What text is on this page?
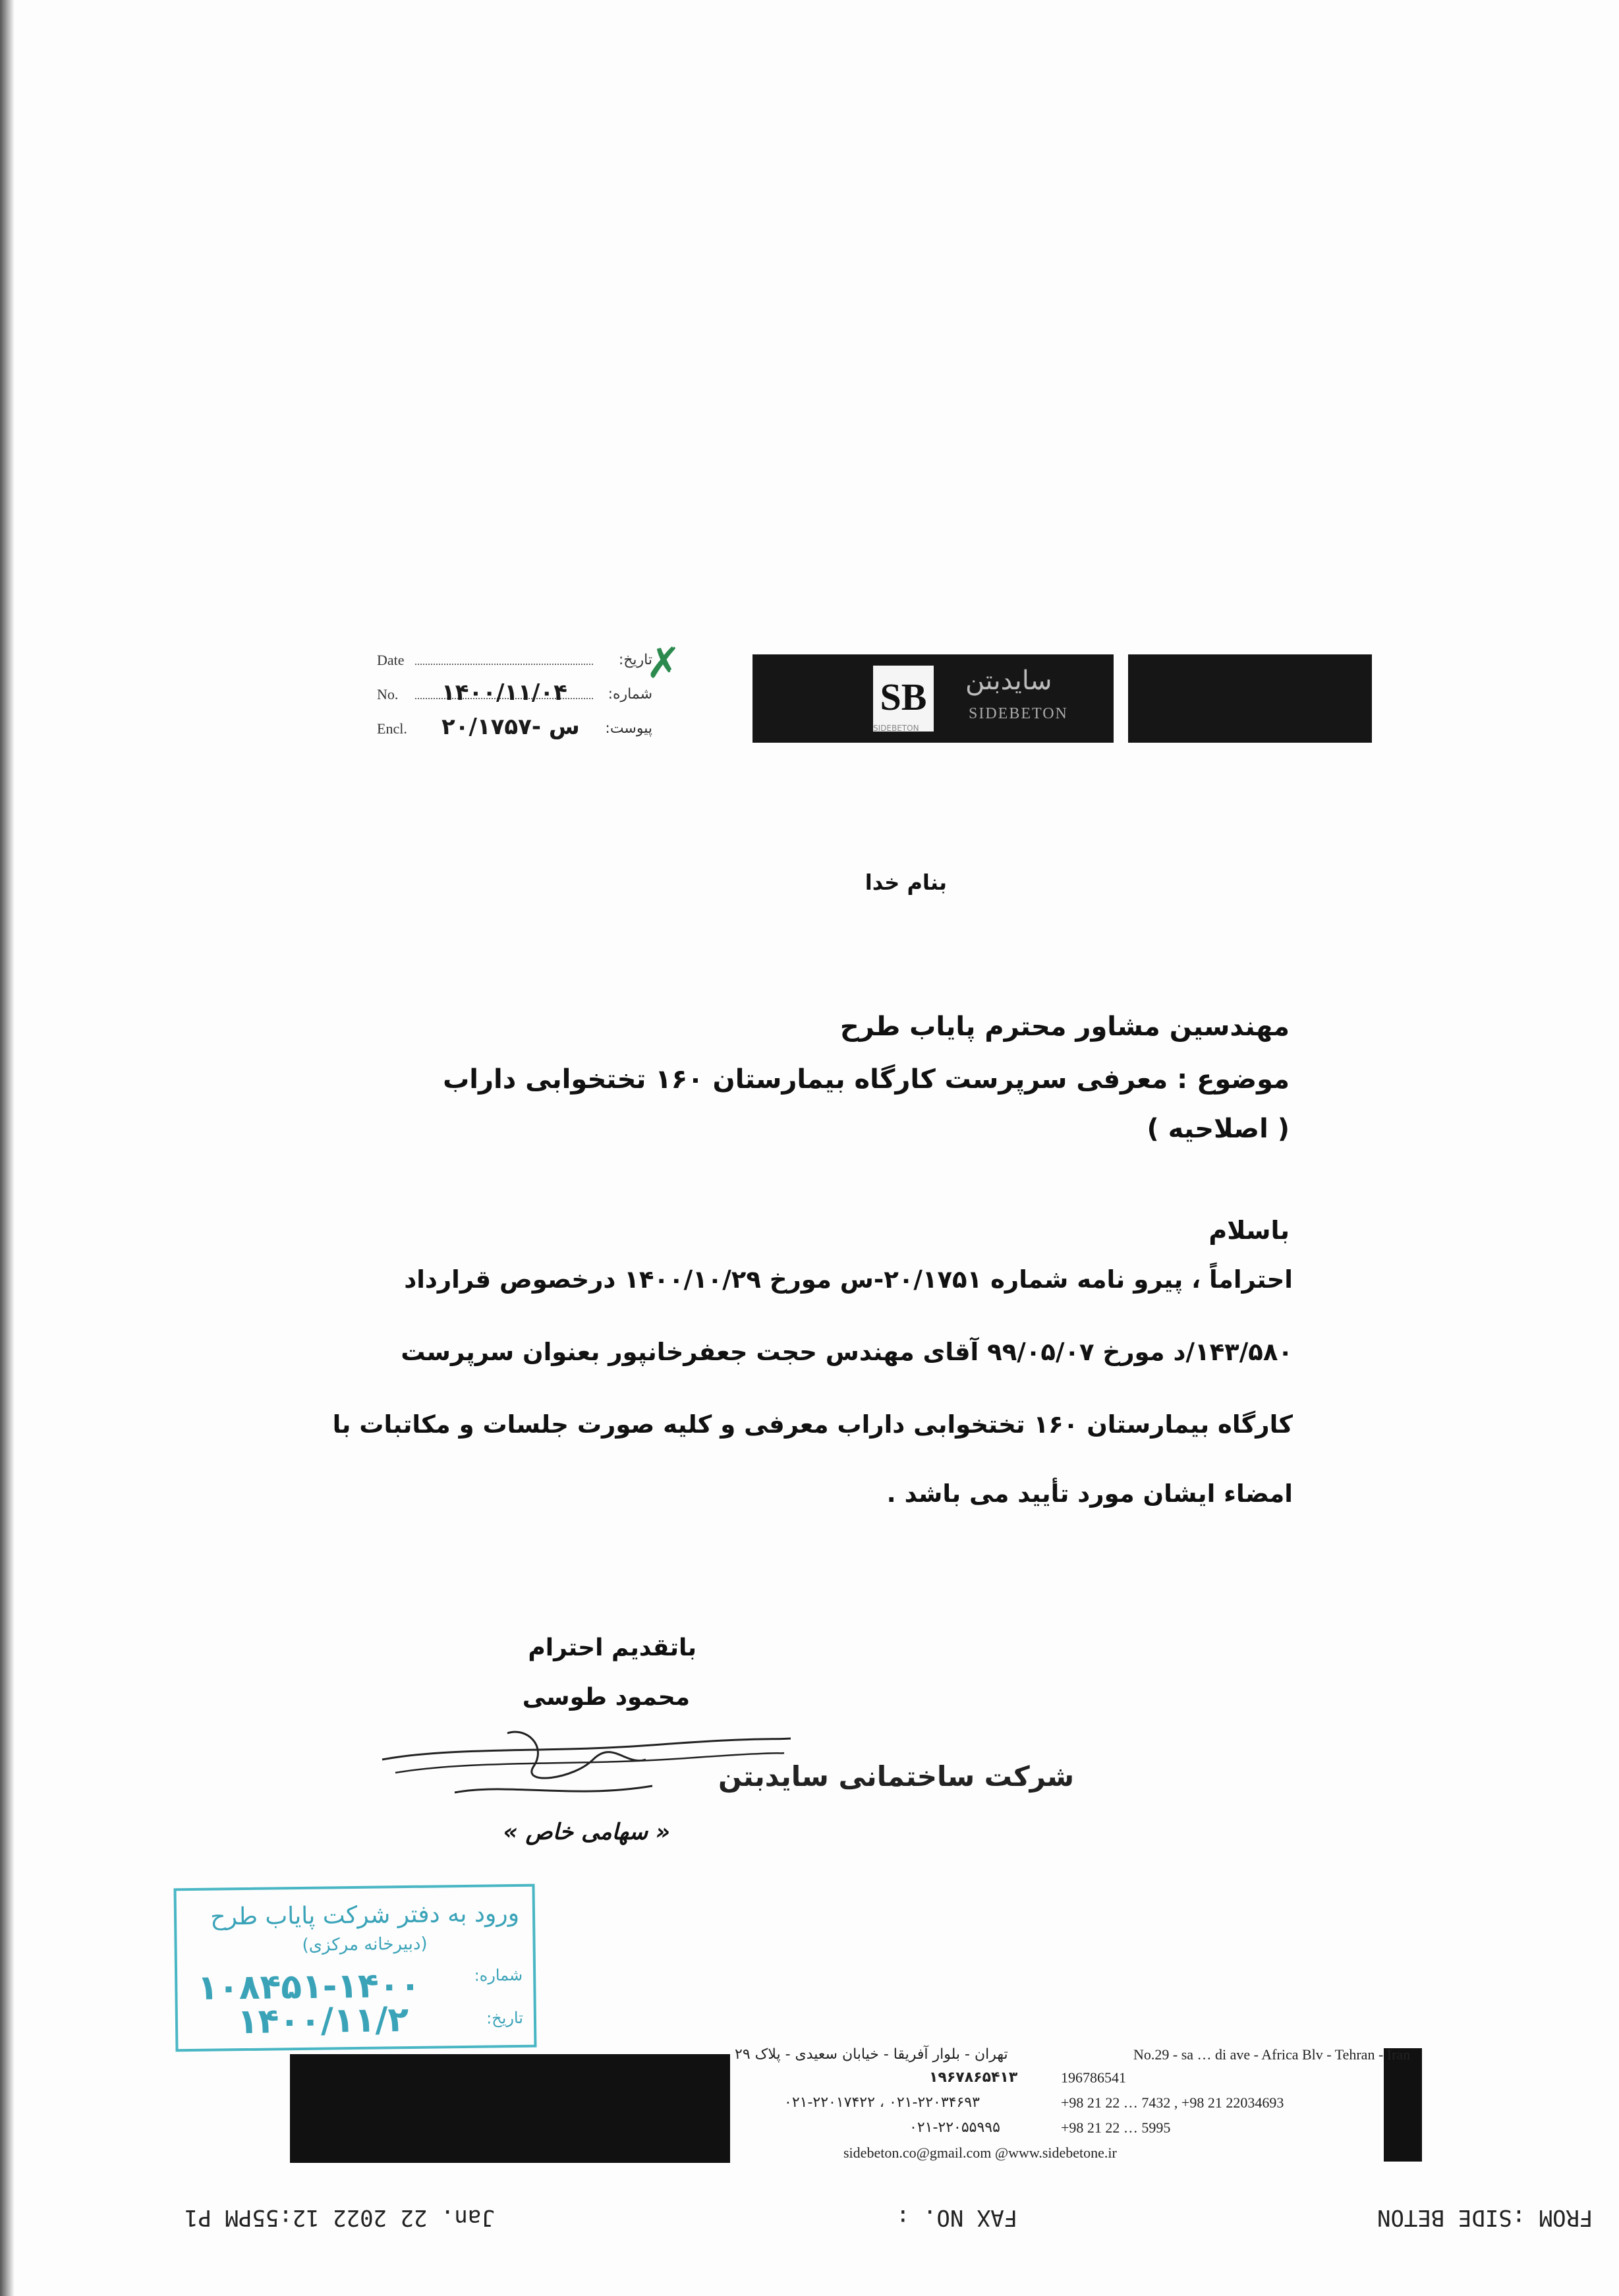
Date	تاریخ:
No. ۱۴۰۰/۱۱/۰۴	شماره:
Encl. ۲۰/۱۷۵۷- س پیوست:
✗
SB سایدبتن
SIDEBETON
SIDEBETON
بنام خدا
مهندسین مشاور محترم پایاب طرح
موضوع : معرفی سرپرست کارگاه بیمارستان ۱۶۰ تختخوابی داراب
( اصلاحیه )
باسلام
احتراماً ، پیرو نامه شماره ۲۰/۱۷۵۱-س مورخ ۱۴۰۰/۱۰/۲۹ درخصوص قرارداد
۱۴۳/۵۸۰/د مورخ ۹۹/۰۵/۰۷ آقای مهندس حجت جعفرخانپور بعنوان سرپرست
کارگاه بیمارستان ۱۶۰ تختخوابی داراب معرفی و کلیه صورت جلسات و مکاتبات با
امضاء ایشان مورد تأیید می باشد .
باتقدیم احترام
محمود طوسی
شرکت ساختمانی سایدبتن
« سهامی خاص »
ورود به دفتر شرکت پایاب طرح
(دبیرخانه مرکزی)
شماره:
۱۰۸۴۵۱-۱۴۰۰
تاریخ:
۱۴۰۰/۱۱/۲
تهران - بلوار آفریقا - خیابان سعیدی - پلاک ۲۹	No.29 - sa … di ave - Africa Blv - Tehran - Iran
۱۹۶۷۸۶۵۴۱۳	196786541
۰۲۱-۲۲۰۱۷۴۲۲ ، ۰۲۱-۲۲۰۳۴۶۹۳	+98 21 22 … 7432 , +98 21 22034693
۰۲۱-۲۲۰۵۵۹۹۵	+98 21 22 … 5995
sidebeton.co@gmail.com @www.sidebetone.ir
Jan. 22 2022 12:55PM P1	FAX NO. :	FROM :SIDE BETON
